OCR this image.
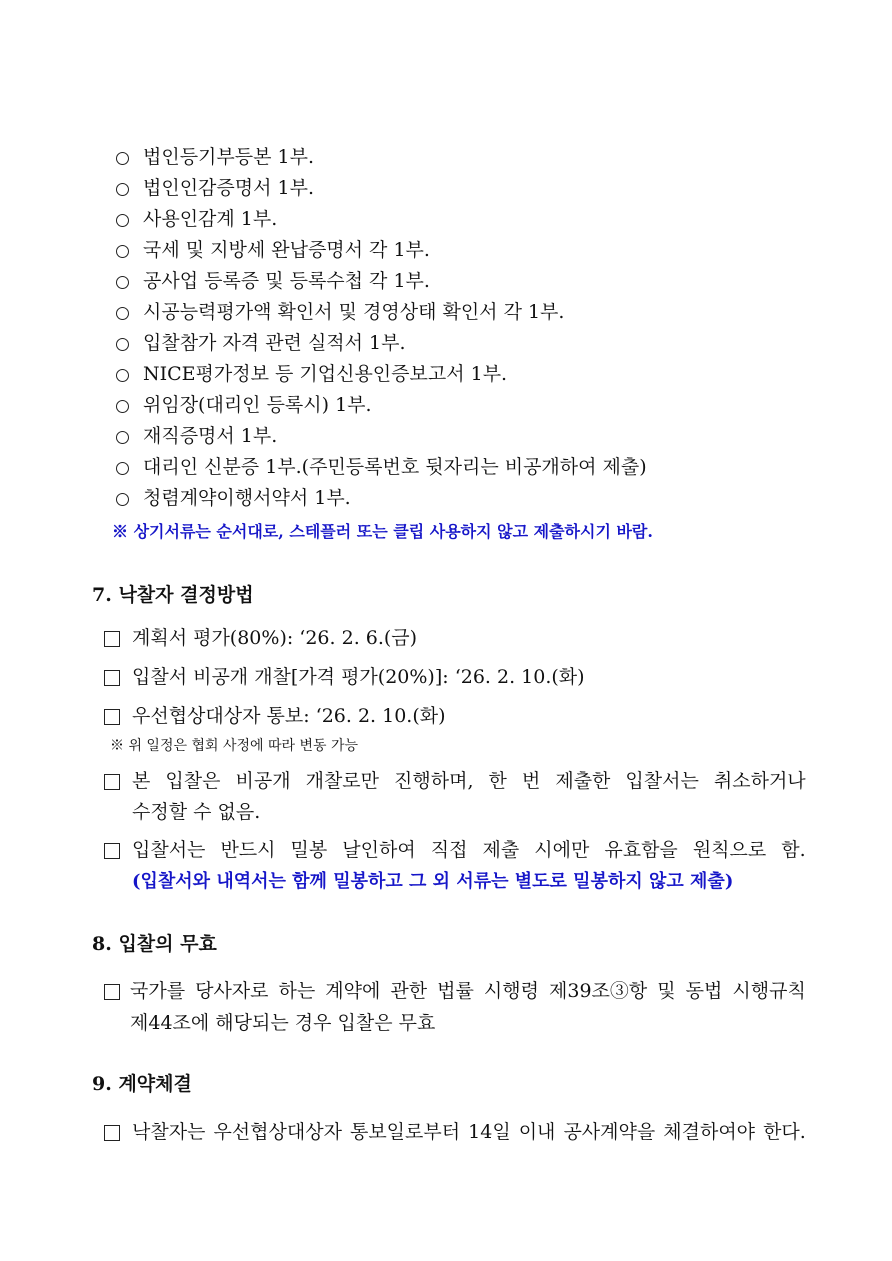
법인등기부등본 1부.
법인인감증명서 1부.
사용인감계 1부.
국세 및 지방세 완납증명서 각 1부.
공사업 등록증 및 등록수첩 각 1부.
시공능력평가액 확인서 및 경영상태 확인서 각 1부.
입찰참가 자격 관련 실적서 1부.
NICE평가정보 등 기업신용인증보고서 1부.
위임장(대리인 등록시) 1부.
재직증명서 1부.
대리인 신분증 1부.(주민등록번호 뒷자리는 비공개하여 제출)
청렴계약이행서약서 1부.
※ 상기서류는 순서대로, 스테플러 또는 클립 사용하지 않고 제출하시기 바람.
7. 낙찰자 결정방법
계획서 평가(80%): ‘26. 2. 6.(금)
입찰서 비공개 개찰[가격 평가(20%)]: ‘26. 2. 10.(화)
우선협상대상자 통보: ‘26. 2. 10.(화)
※ 위 일정은 협회 사정에 따라 변동 가능
본 입찰은 비공개 개찰로만 진행하며, 한 번 제출한 입찰서는 취소하거나
수정할 수 없음.
입찰서는 반드시 밀봉 날인하여 직접 제출 시에만 유효함을 원칙으로 함.
(입찰서와 내역서는 함께 밀봉하고 그 외 서류는 별도로 밀봉하지 않고 제출)
8. 입찰의 무효
국가를 당사자로 하는 계약에 관한 법률 시행령 제39조③항 및 동법 시행규칙
제44조에 해당되는 경우 입찰은 무효
9. 계약체결
낙찰자는 우선협상대상자 통보일로부터 14일 이내 공사계약을 체결하여야 한다.
